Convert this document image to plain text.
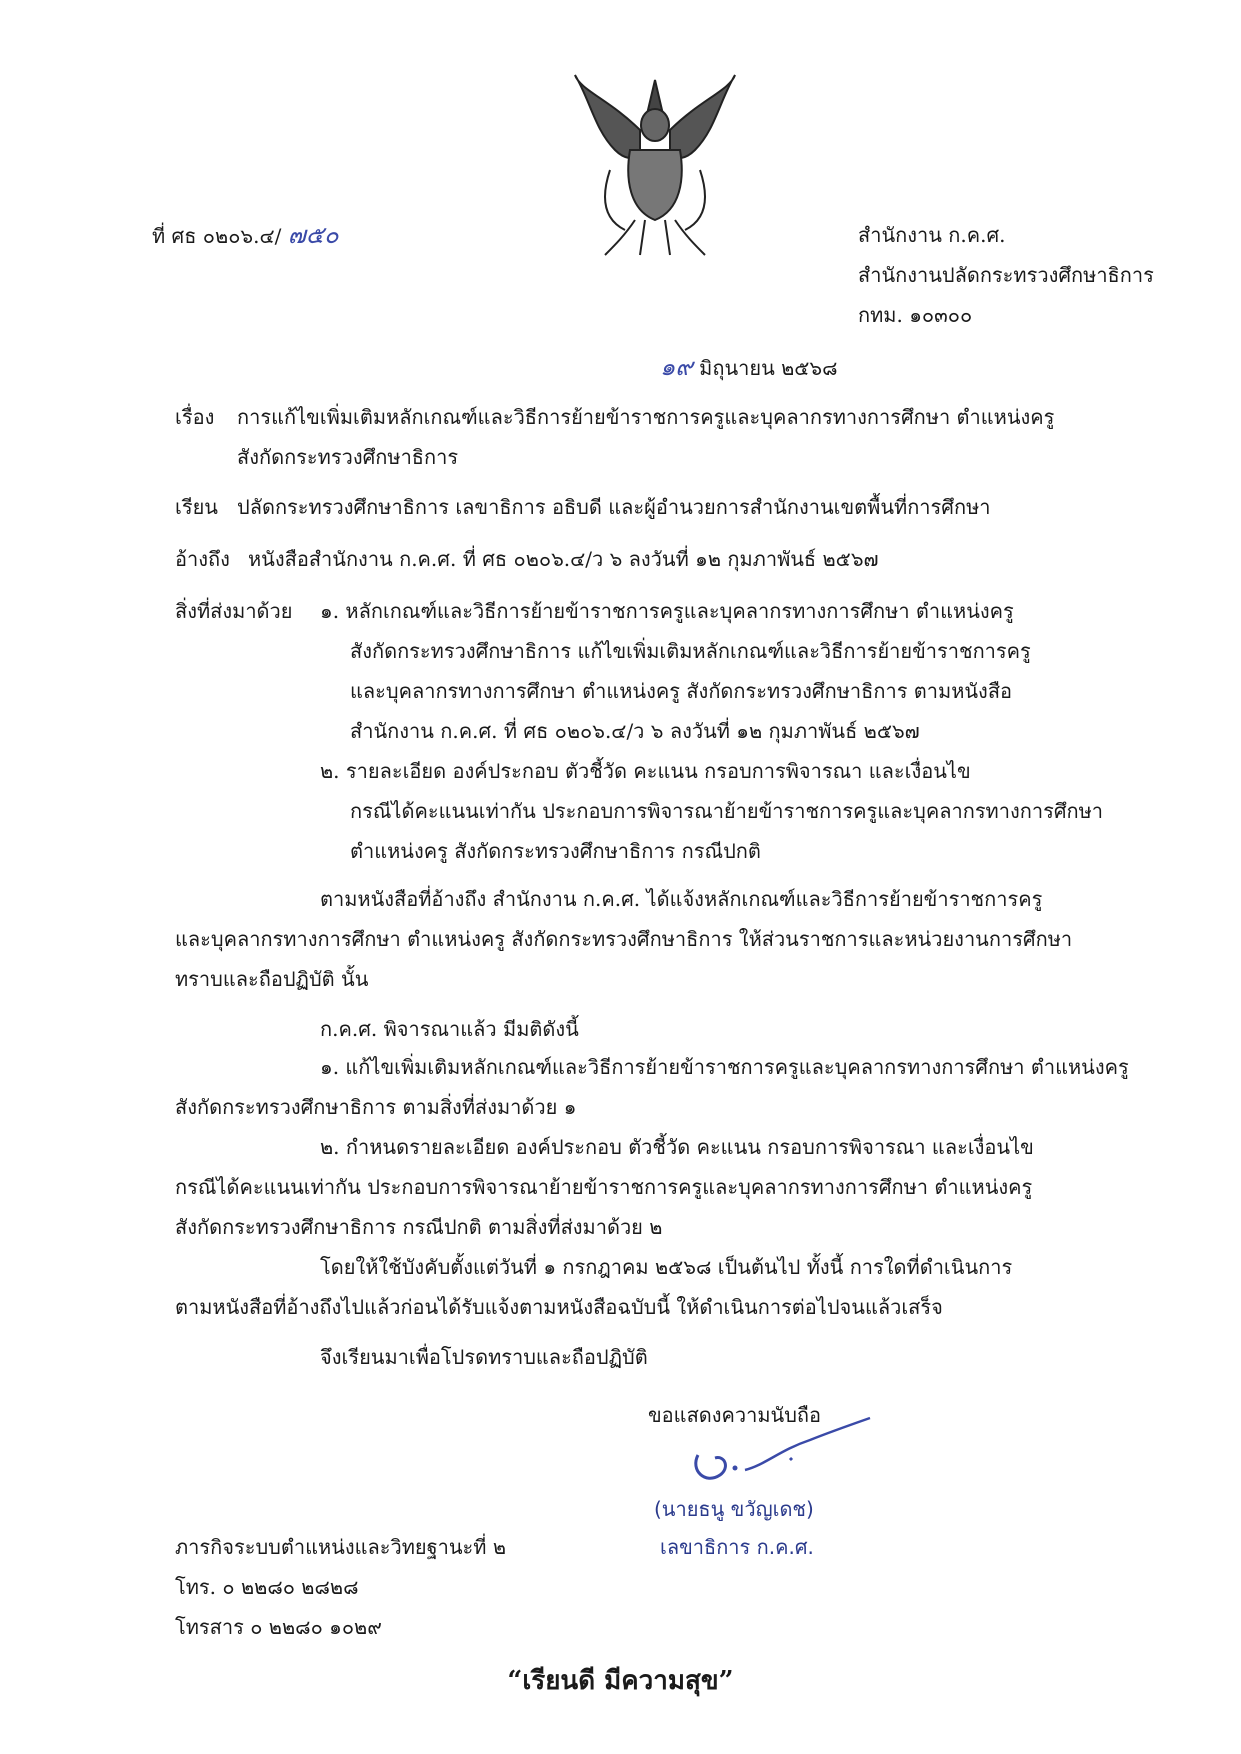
ที่ ศธ ๐๒๐๖.๔/ ๗๕๐	สำนักงาน ก.ค.ศ.
สำนักงานปลัดกระทรวงศึกษาธิการ
กทม. ๑๐๓๐๐
๑๙ มิถุนายน ๒๕๖๘
เรื่อง การแก้ไขเพิ่มเติมหลักเกณฑ์และวิธีการย้ายข้าราชการครูและบุคลากรทางการศึกษา ตำแหน่งครู
สังกัดกระทรวงศึกษาธิการ
เรียน ปลัดกระทรวงศึกษาธิการ เลขาธิการ อธิบดี และผู้อำนวยการสำนักงานเขตพื้นที่การศึกษา
อ้างถึง หนังสือสำนักงาน ก.ค.ศ. ที่ ศธ ๐๒๐๖.๔/ว ๖ ลงวันที่ ๑๒ กุมภาพันธ์ ๒๕๖๗
สิ่งที่ส่งมาด้วย ๑. หลักเกณฑ์และวิธีการย้ายข้าราชการครูและบุคลากรทางการศึกษา ตำแหน่งครู
สังกัดกระทรวงศึกษาธิการ แก้ไขเพิ่มเติมหลักเกณฑ์และวิธีการย้ายข้าราชการครู
และบุคลากรทางการศึกษา ตำแหน่งครู สังกัดกระทรวงศึกษาธิการ ตามหนังสือ
สำนักงาน ก.ค.ศ. ที่ ศธ ๐๒๐๖.๔/ว ๖ ลงวันที่ ๑๒ กุมภาพันธ์ ๒๕๖๗
๒. รายละเอียด องค์ประกอบ ตัวชี้วัด คะแนน กรอบการพิจารณา และเงื่อนไข
กรณีได้คะแนนเท่ากัน ประกอบการพิจารณาย้ายข้าราชการครูและบุคลากรทางการศึกษา
ตำแหน่งครู สังกัดกระทรวงศึกษาธิการ กรณีปกติ
ตามหนังสือที่อ้างถึง สำนักงาน ก.ค.ศ. ได้แจ้งหลักเกณฑ์และวิธีการย้ายข้าราชการครู
และบุคลากรทางการศึกษา ตำแหน่งครู สังกัดกระทรวงศึกษาธิการ ให้ส่วนราชการและหน่วยงานการศึกษา
ทราบและถือปฏิบัติ นั้น
ก.ค.ศ. พิจารณาแล้ว มีมติดังนี้
๑. แก้ไขเพิ่มเติมหลักเกณฑ์และวิธีการย้ายข้าราชการครูและบุคลากรทางการศึกษา ตำแหน่งครู
สังกัดกระทรวงศึกษาธิการ ตามสิ่งที่ส่งมาด้วย ๑
๒. กำหนดรายละเอียด องค์ประกอบ ตัวชี้วัด คะแนน กรอบการพิจารณา และเงื่อนไข
กรณีได้คะแนนเท่ากัน ประกอบการพิจารณาย้ายข้าราชการครูและบุคลากรทางการศึกษา ตำแหน่งครู
สังกัดกระทรวงศึกษาธิการ กรณีปกติ ตามสิ่งที่ส่งมาด้วย ๒
โดยให้ใช้บังคับตั้งแต่วันที่ ๑ กรกฎาคม ๒๕๖๘ เป็นต้นไป ทั้งนี้ การใดที่ดำเนินการ
ตามหนังสือที่อ้างถึงไปแล้วก่อนได้รับแจ้งตามหนังสือฉบับนี้ ให้ดำเนินการต่อไปจนแล้วเสร็จ
จึงเรียนมาเพื่อโปรดทราบและถือปฏิบัติ
ขอแสดงความนับถือ
(นายธนู ขวัญเดช)
เลขาธิการ ก.ค.ศ.
ภารกิจระบบตำแหน่งและวิทยฐานะที่ ๒
โทร. ๐ ๒๒๘๐ ๒๘๒๘
โทรสาร ๐ ๒๒๘๐ ๑๐๒๙
“เรียนดี มีความสุข”
